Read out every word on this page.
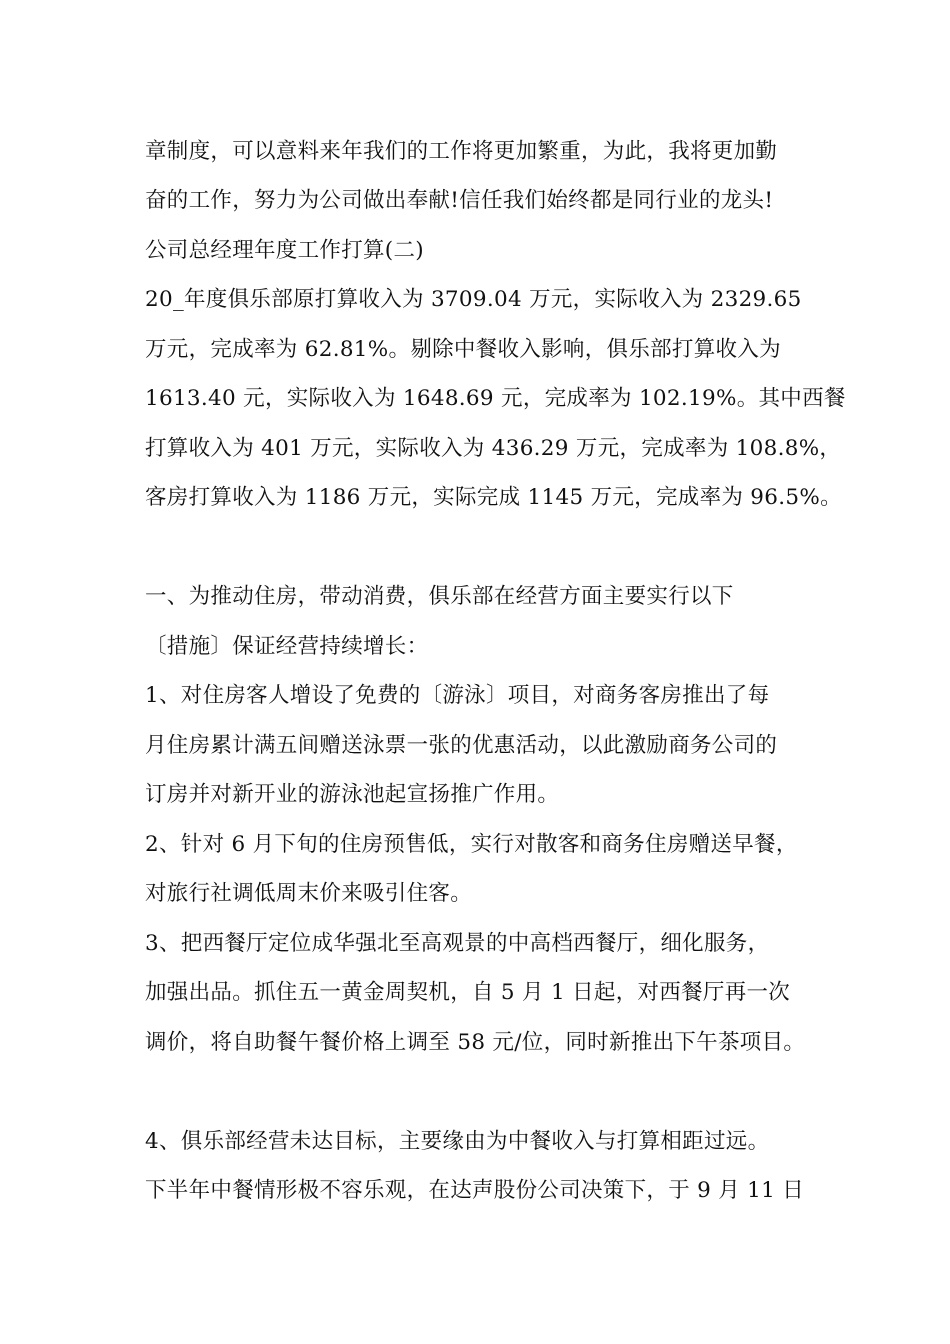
章制度，可以意料来年我们的工作将更加繁重，为此，我将更加勤
奋的工作，努力为公司做出奉献!信任我们始终都是同行业的龙头!
公司总经理年度工作打算(二)
20_年度俱乐部原打算收入为 3709.04 万元，实际收入为 2329.65
万元，完成率为 62.81%。剔除中餐收入影响，俱乐部打算收入为
1613.40 元，实际收入为 1648.69 元，完成率为 102.19%。其中西餐
打算收入为 401 万元，实际收入为 436.29 万元，完成率为 108.8%，
客房打算收入为 1186 万元，实际完成 1145 万元，完成率为 96.5%。
一、为推动住房，带动消费，俱乐部在经营方面主要实行以下
〔措施〕保证经营持续增长：
1、对住房客人增设了免费的〔游泳〕项目，对商务客房推出了每
月住房累计满五间赠送泳票一张的优惠活动，以此激励商务公司的
订房并对新开业的游泳池起宣扬推广作用。
2、针对 6 月下旬的住房预售低，实行对散客和商务住房赠送早餐，
对旅行社调低周末价来吸引住客。
3、把西餐厅定位成华强北至高观景的中高档西餐厅，细化服务，
加强出品。抓住五一黄金周契机，自 5 月 1 日起，对西餐厅再一次
调价，将自助餐午餐价格上调至 58 元/位，同时新推出下午茶项目。
4、俱乐部经营未达目标，主要缘由为中餐收入与打算相距过远。
下半年中餐情形极不容乐观，在达声股份公司决策下，于 9 月 11 日
